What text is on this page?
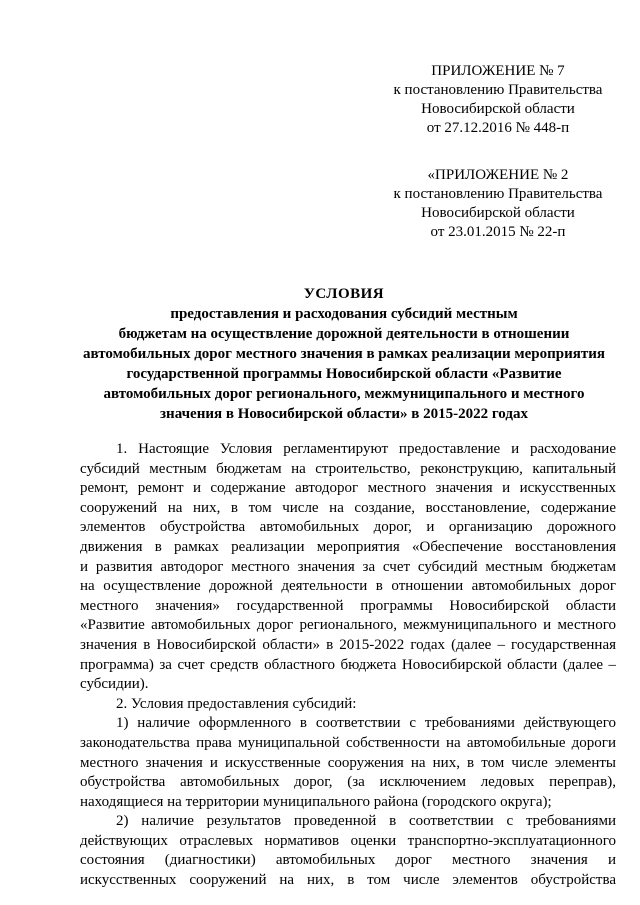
ПРИЛОЖЕНИЕ № 7
к постановлению Правительства
Новосибирской области
от 27.12.2016 № 448-п
«ПРИЛОЖЕНИЕ № 2
к постановлению Правительства
Новосибирской области
от 23.01.2015 № 22-п
УСЛОВИЯ
предоставления и расходования субсидий местным
бюджетам на осуществление дорожной деятельности в отношении
автомобильных дорог местного значения в рамках реализации мероприятия
государственной программы Новосибирской области «Развитие
автомобильных дорог регионального, межмуниципального и местного
значения в Новосибирской области» в 2015-2022 годах
1. Настоящие Условия регламентируют предоставление и расходование
субсидий местным бюджетам на строительство, реконструкцию, капитальный
ремонт, ремонт и содержание автодорог местного значения и искусственных
сооружений на них, в том числе на создание, восстановление, содержание
элементов обустройства автомобильных дорог, и организацию дорожного
движения в рамках реализации мероприятия «Обеспечение восстановления
и развития автодорог местного значения за счет субсидий местным бюджетам
на осуществление дорожной деятельности в отношении автомобильных дорог
местного значения» государственной программы Новосибирской области
«Развитие автомобильных дорог регионального, межмуниципального и местного
значения в Новосибирской области» в 2015-2022 годах (далее – государственная
программа) за счет средств областного бюджета Новосибирской области (далее –
субсидии).
2. Условия предоставления субсидий:
1) наличие оформленного в соответствии с требованиями действующего
законодательства права муниципальной собственности на автомобильные дороги
местного значения и искусственные сооружения на них, в том числе элементы
обустройства автомобильных дорог, (за исключением ледовых переправ),
находящиеся на территории муниципального района (городского округа);
2) наличие результатов проведенной в соответствии с требованиями
действующих отраслевых нормативов оценки транспортно-эксплуатационного
состояния (диагностики) автомобильных дорог местного значения и
искусственных сооружений на них, в том числе элементов обустройства
